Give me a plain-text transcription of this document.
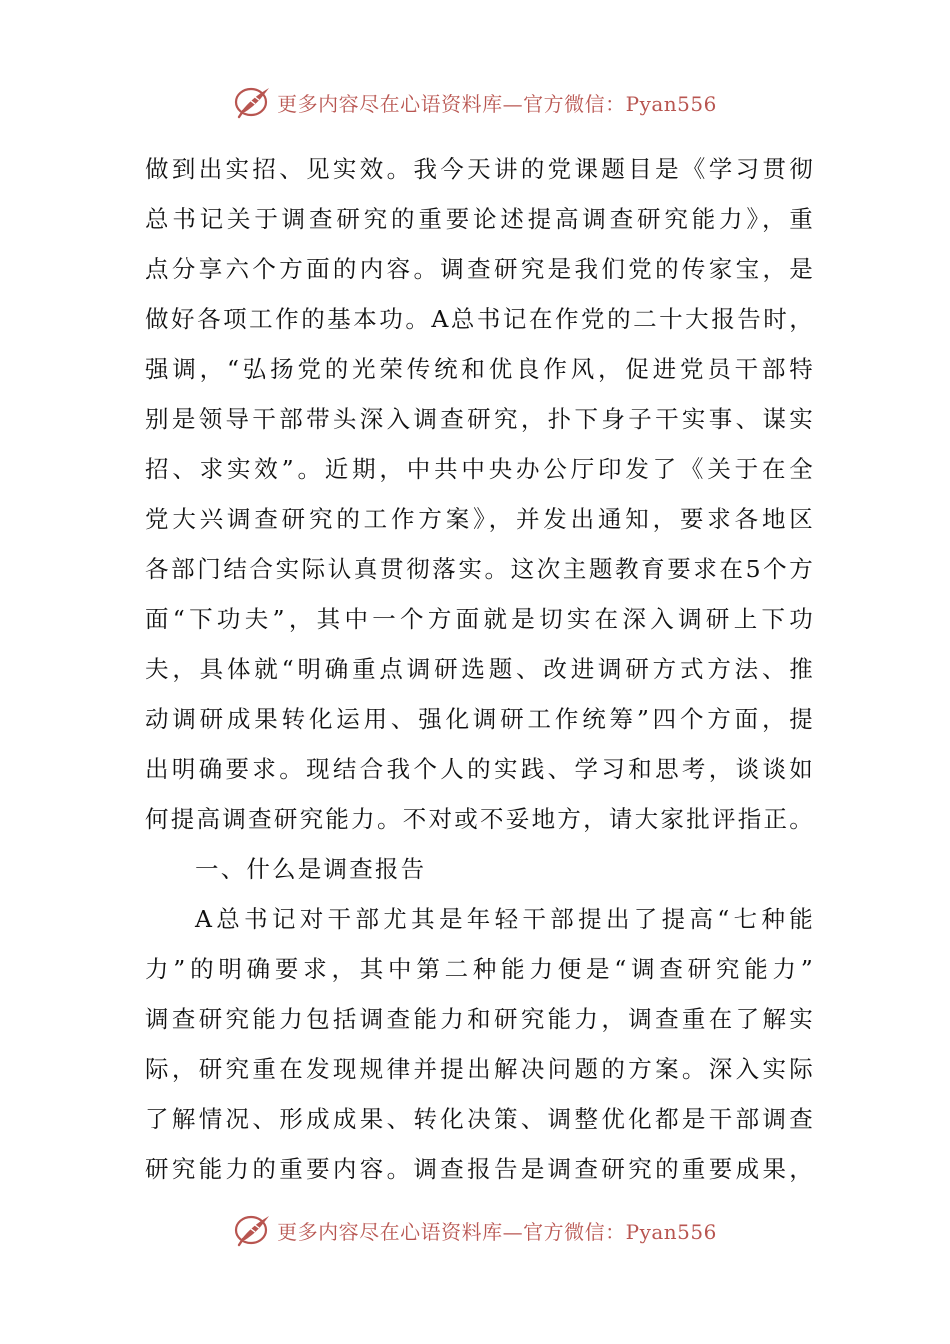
更多内容尽在心语资料库—官方微信：Pyan556
做到出实招、见实效。我今天讲的党课题目是《学习贯彻
总书记关于调查研究的重要论述提高调查研究能力》，重
点分享六个方面的内容。调查研究是我们党的传家宝，是
做好各项工作的基本功。A总书记在作党的二十大报告时，
强调，“弘扬党的光荣传统和优良作风，促进党员干部特
别是领导干部带头深入调查研究，扑下身子干实事、谋实
招、求实效”。近期，中共中央办公厅印发了《关于在全
党大兴调查研究的工作方案》，并发出通知，要求各地区
各部门结合实际认真贯彻落实。这次主题教育要求在5个方
面“下功夫”，其中一个方面就是切实在深入调研上下功
夫，具体就“明确重点调研选题、改进调研方式方法、推
动调研成果转化运用、强化调研工作统筹”四个方面，提
出明确要求。现结合我个人的实践、学习和思考，谈谈如
何提高调查研究能力。不对或不妥地方，请大家批评指正。
一、什么是调查报告
A总书记对干部尤其是年轻干部提出了提高“七种能
力”的明确要求，其中第二种能力便是“调查研究能力”
调查研究能力包括调查能力和研究能力，调查重在了解实
际，研究重在发现规律并提出解决问题的方案。深入实际
了解情况、形成成果、转化决策、调整优化都是干部调查
研究能力的重要内容。调查报告是调查研究的重要成果，
更多内容尽在心语资料库—官方微信：Pyan556
